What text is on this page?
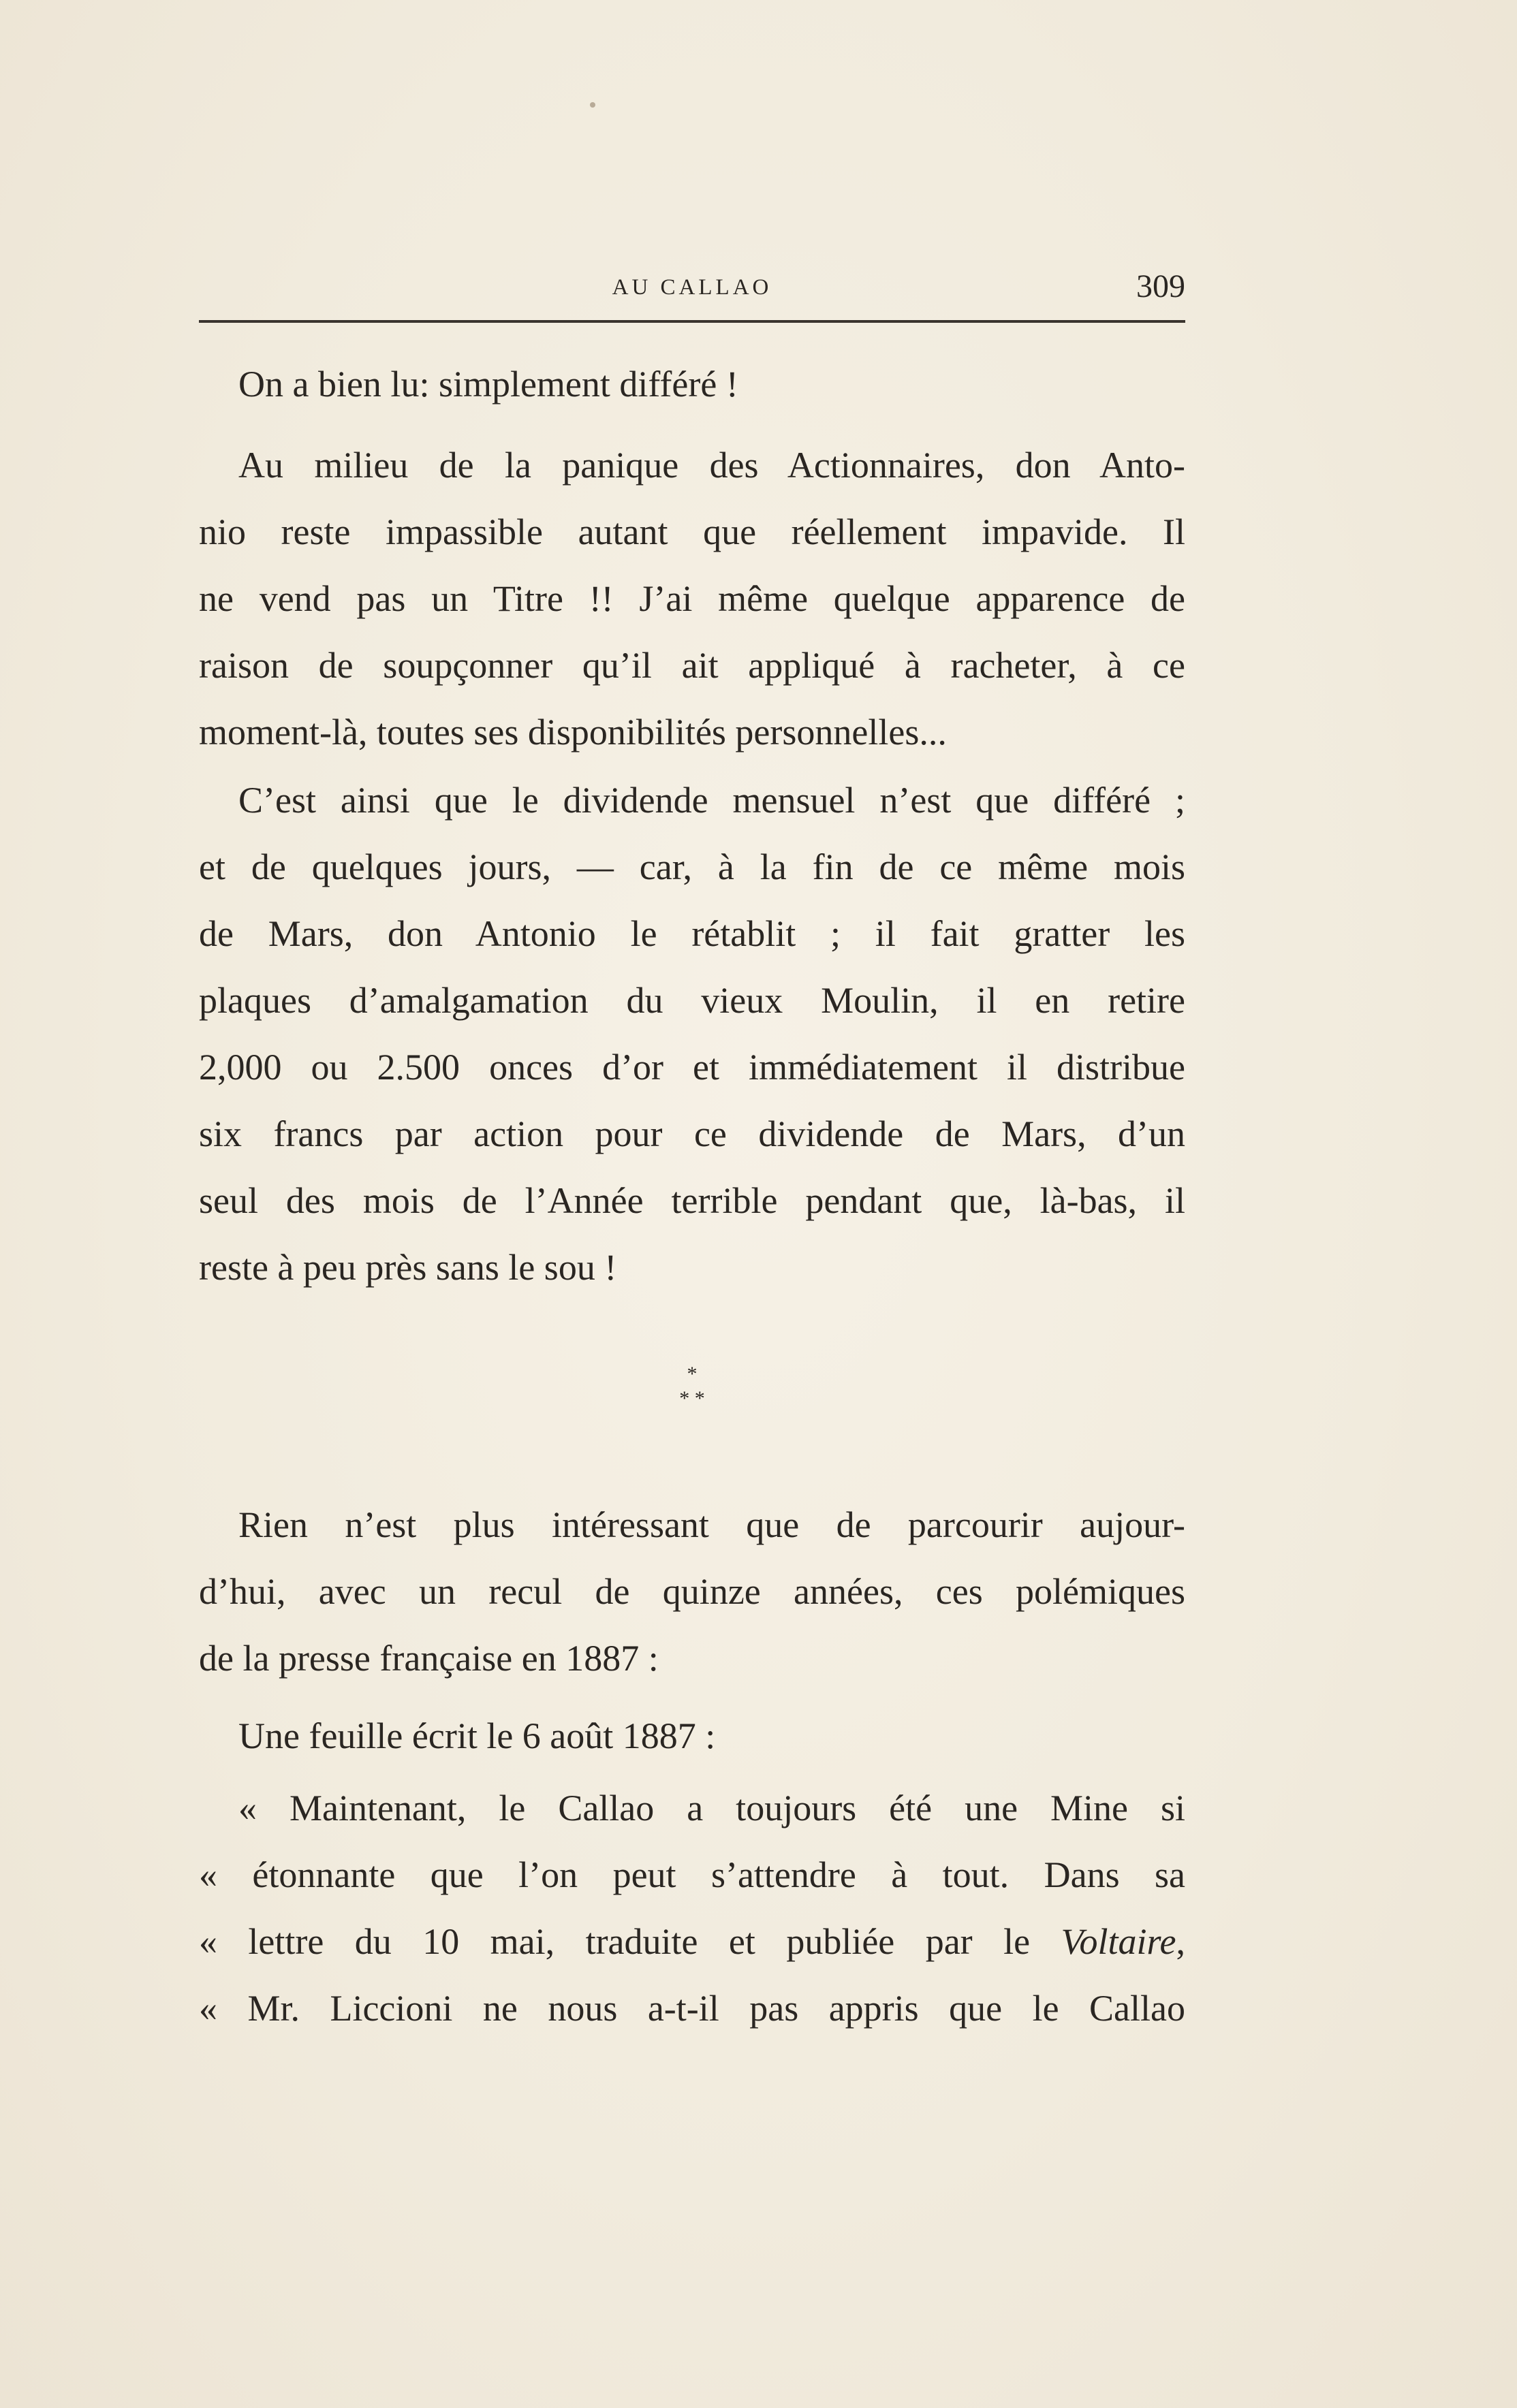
AU CALLAO	309
On a bien lu: simplement différé !
Au milieu de la panique des Actionnaires, don Anto-
nio reste impassible autant que réellement impavide. Il
ne vend pas un Titre !! J’ai même quelque apparence de
raison de soupçonner qu’il ait appliqué à racheter, à ce
moment-là, toutes ses disponibilités personnelles...
C’est ainsi que le dividende mensuel n’est que différé ;
et de quelques jours, — car, à la fin de ce même mois
de Mars, don Antonio le rétablit ; il fait gratter les
plaques d’amalgamation du vieux Moulin, il en retire
2,000 ou 2.500 onces d’or et immédiatement il distribue
six francs par action pour ce dividende de Mars, d’un
seul des mois de l’Année terrible pendant que, là-bas, il
reste à peu près sans le sou !
*
* *
Rien n’est plus intéressant que de parcourir aujour-
d’hui, avec un recul de quinze années, ces polémiques
de la presse française en 1887 :
Une feuille écrit le 6 août 1887 :
« Maintenant, le Callao a toujours été une Mine si
« étonnante que l’on peut s’attendre à tout. Dans sa
« lettre du 10 mai, traduite et publiée par le Voltaire,
« Mr. Liccioni ne nous a-t-il pas appris que le Callao
